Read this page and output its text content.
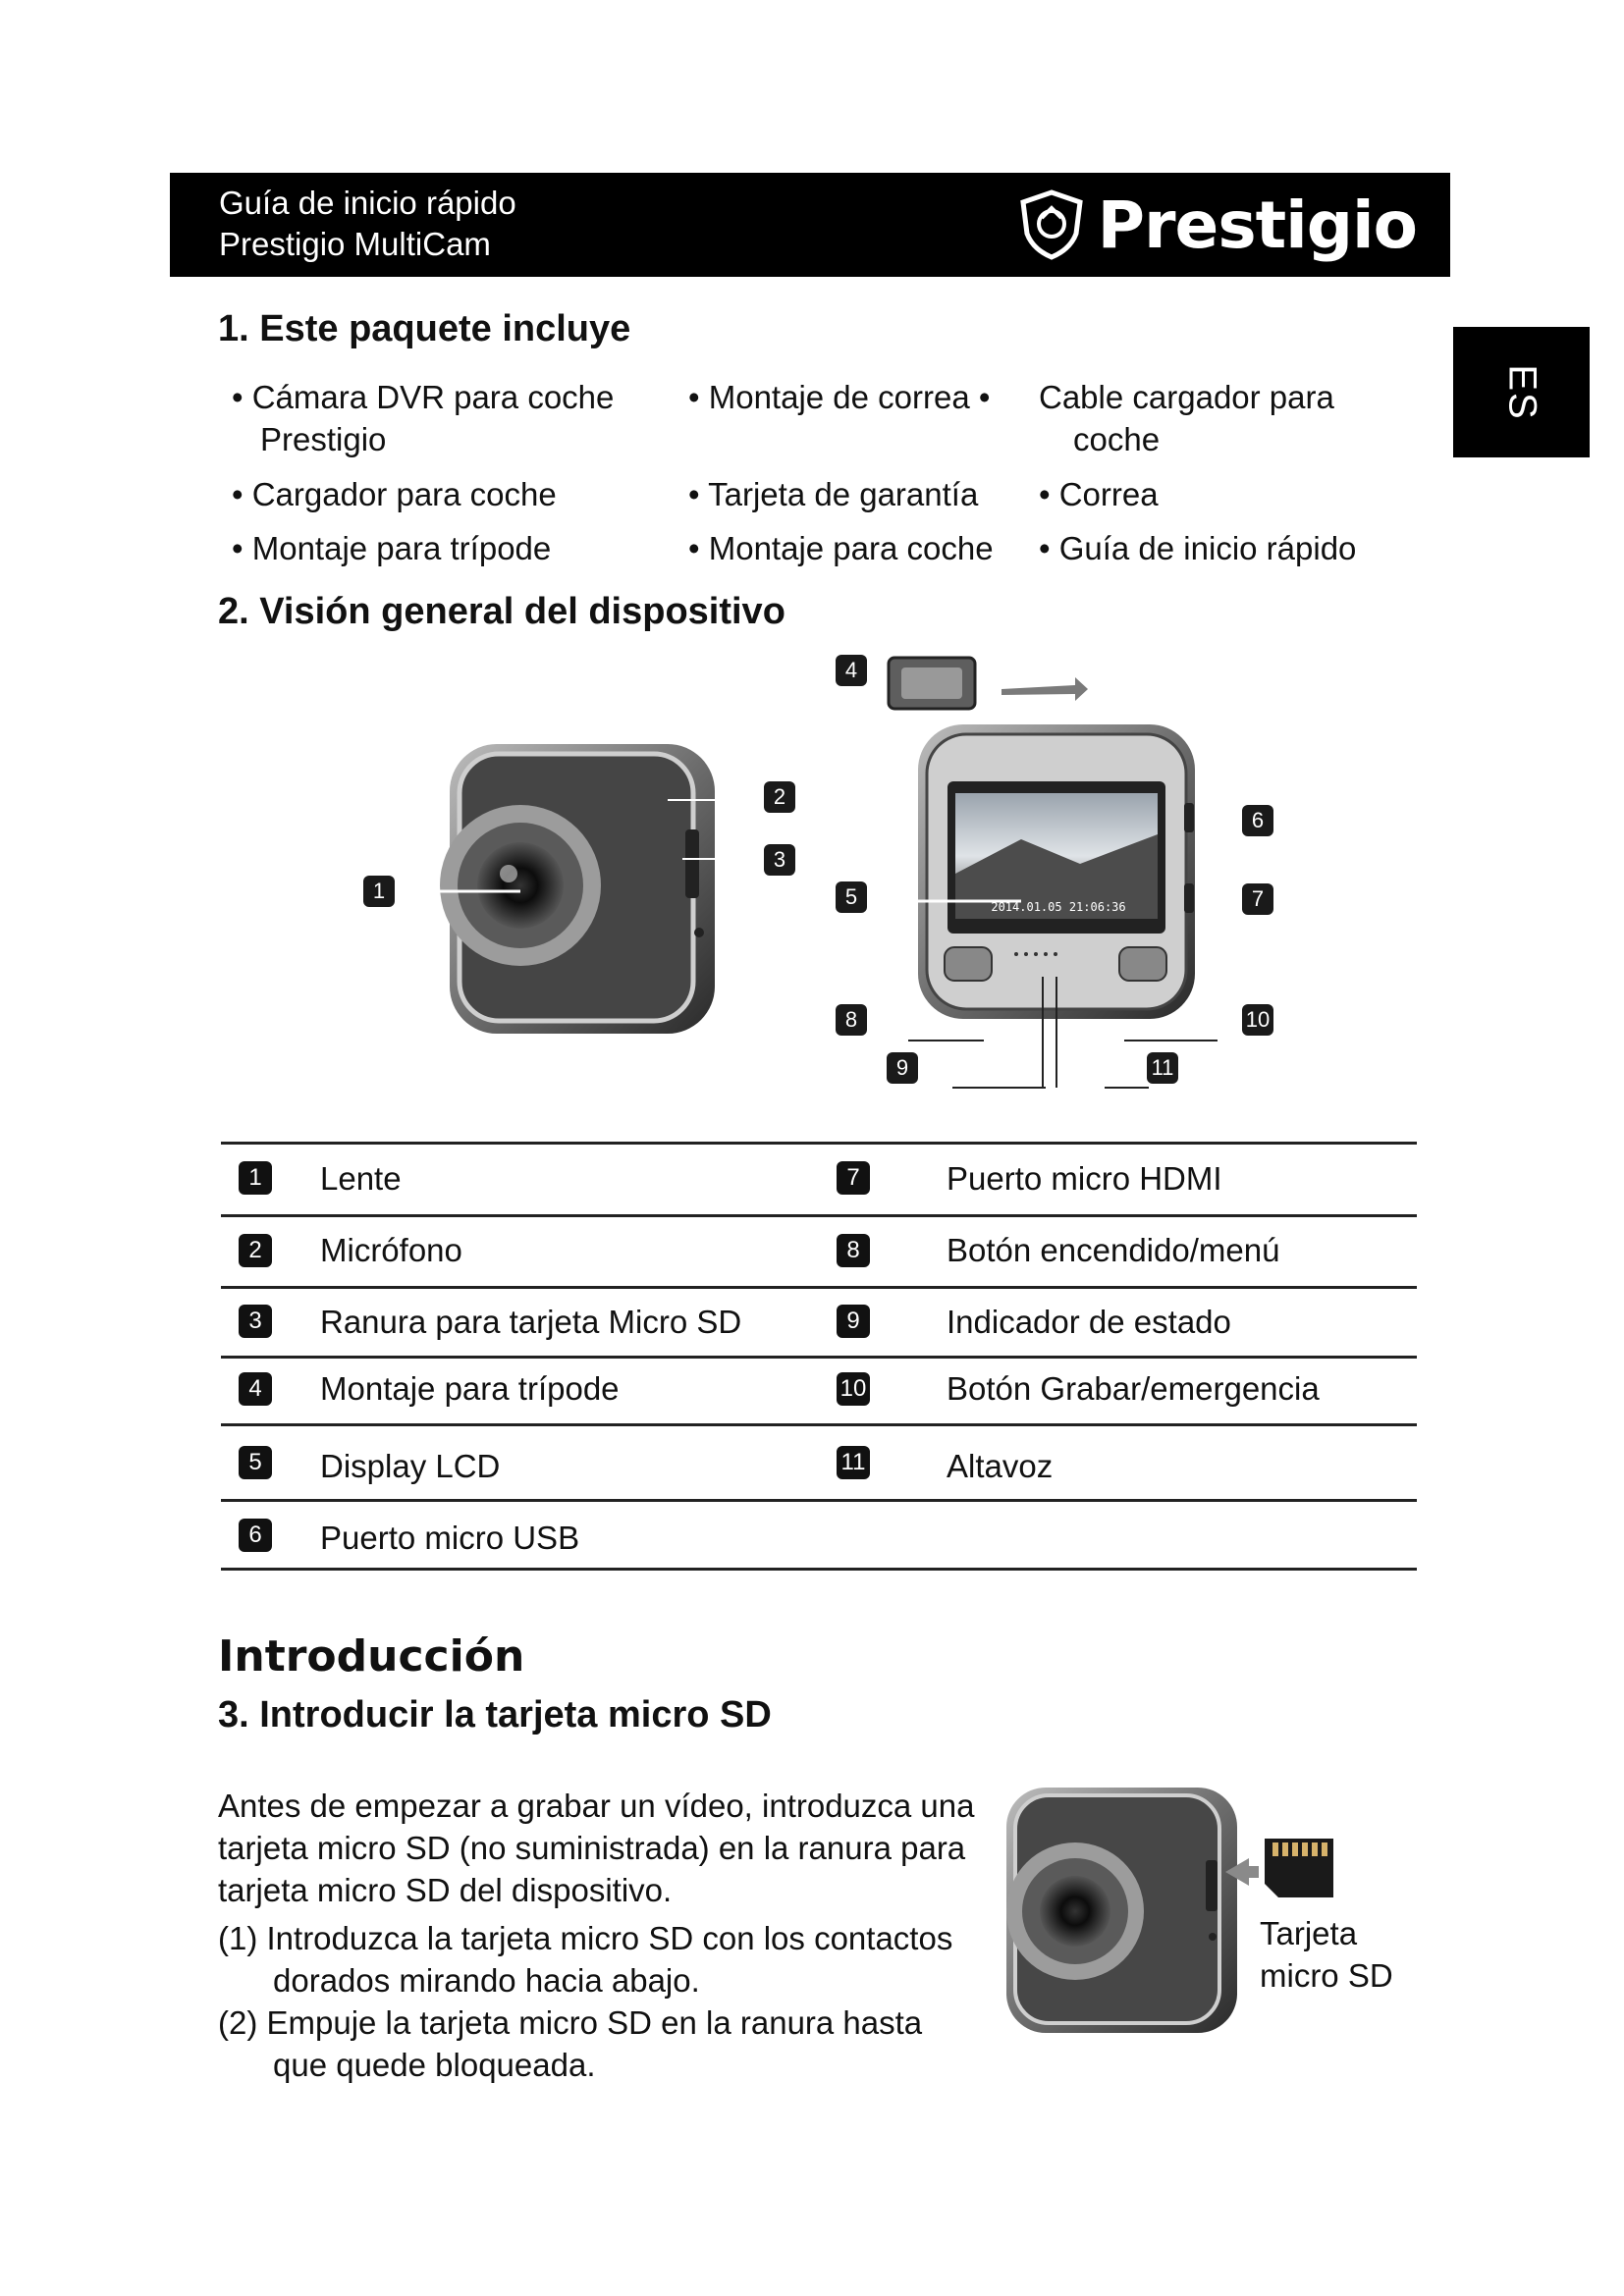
Guía de inicio rápido
Prestigio MultiCam	Prestigio
ES
1. Este paquete incluye
• Cámara DVR para coche
Prestigio
• Montaje de correa • Cable cargador para
coche
• Cargador para coche	• Tarjeta de garantía • Correa
• Montaje para trípode	• Montaje para coche • Guía de inicio rápido
2. Visión general del dispositivo
2014.01.05 21:06:36
1
2
3
4
5
6
7
8
9
10
11
1	Lente
2	Micrófono
3	Ranura para tarjeta Micro SD
4	Montaje para trípode
5	Display LCD
6	Puerto micro USB
7	Puerto micro HDMI
8	Botón encendido/menú
9	Indicador de estado
10 Botón Grabar/emergencia
11	Altavoz
Introducción
3. Introducir la tarjeta micro SD
Antes de empezar a grabar un vídeo, introduzca una
tarjeta micro SD (no suministrada) en la ranura para
tarjeta micro SD del dispositivo.
(1) Introduzca la tarjeta micro SD con los contactos
dorados mirando hacia abajo.
(2) Empuje la tarjeta micro SD en la ranura hasta
que quede bloqueada.
Tarjeta
micro SD
